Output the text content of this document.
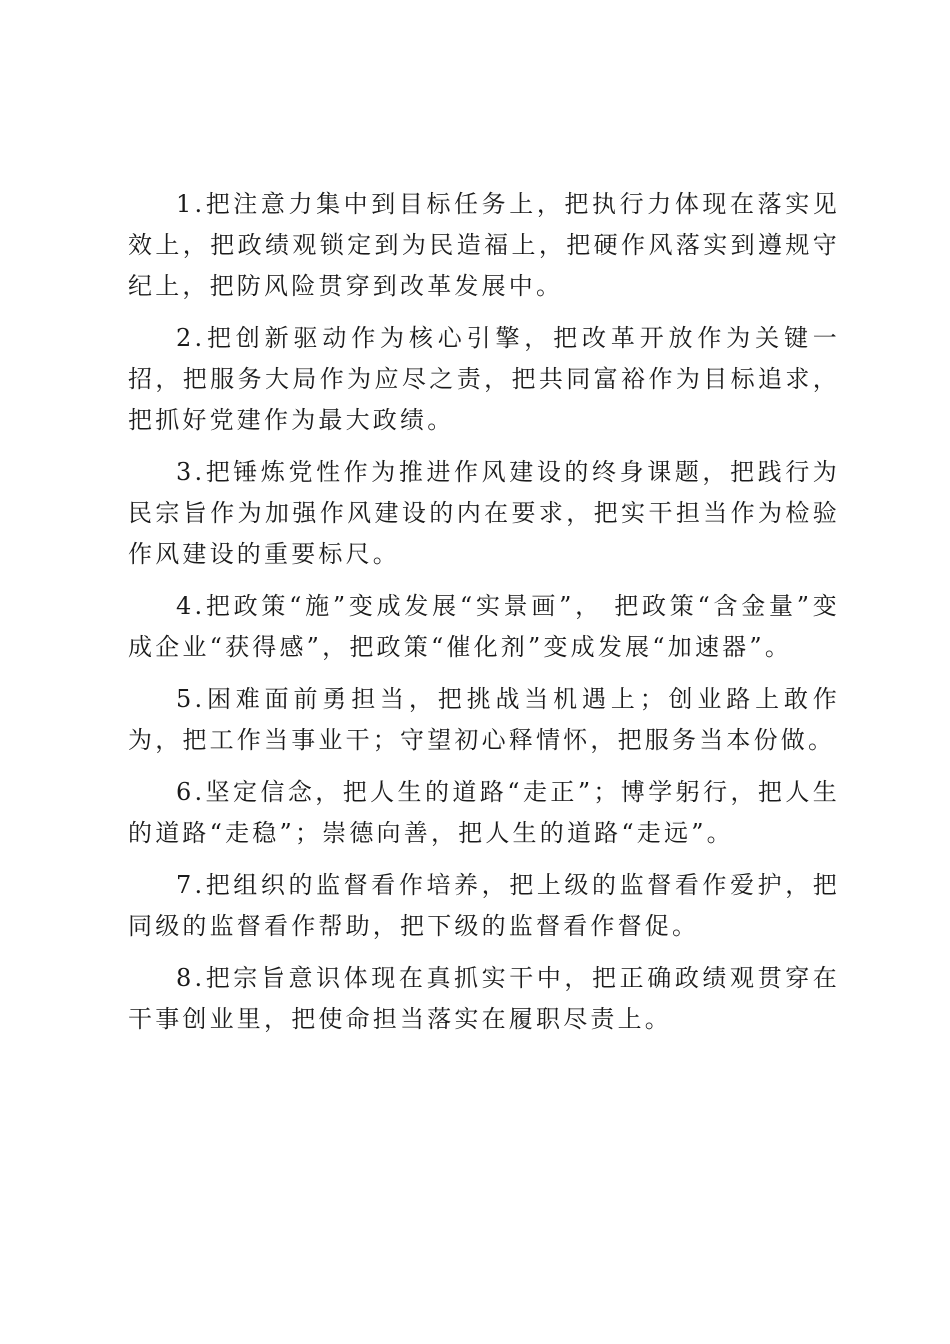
1.把注意力集中到目标任务上，把执行力体现在落实见效上，把政绩观锁定到为民造福上，把硬作风落实到遵规守纪上，把防风险贯穿到改革发展中。

2.把创新驱动作为核心引擎，把改革开放作为关键一招，把服务大局作为应尽之责，把共同富裕作为目标追求，把抓好党建作为最大政绩。

3.把锤炼党性作为推进作风建设的终身课题，把践行为民宗旨作为加强作风建设的内在要求，把实干担当作为检验作风建设的重要标尺。

4.把政策“施”变成发展“实景画”， 把政策“含金量”变成企业“获得感”，把政策“催化剂”变成发展“加速器”。

5.困难面前勇担当，把挑战当机遇上；创业路上敢作为，把工作当事业干；守望初心释情怀，把服务当本份做。

6.坚定信念，把人生的道路“走正”；博学躬行，把人生的道路“走稳”；崇德向善，把人生的道路“走远”。

7.把组织的监督看作培养，把上级的监督看作爱护，把同级的监督看作帮助，把下级的监督看作督促。

8.把宗旨意识体现在真抓实干中，把正确政绩观贯穿在干事创业里，把使命担当落实在履职尽责上。
